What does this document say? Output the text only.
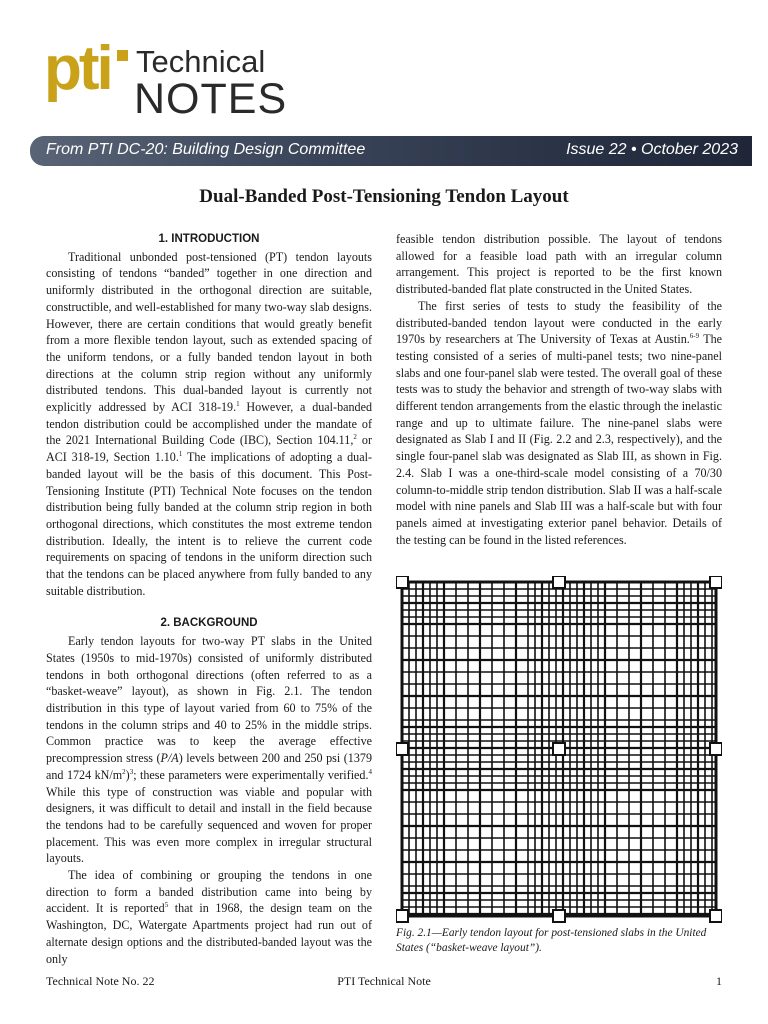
pti Technical
NOTES
From PTI DC-20: Building Design Committee	Issue 22 • October 2023
Dual-Banded Post-Tensioning Tendon Layout
1. INTRODUCTION

Traditional unbonded post-tensioned (PT) tendon layouts consisting of tendons “banded” together in one direction and uniformly distributed in the orthogonal direction are suitable, constructible, and well-established for many two-way slab designs. However, there are certain conditions that would greatly benefit from a more flexible tendon layout, such as extended spacing of the uniform tendons, or a fully banded tendon layout in both directions at the column strip region without any uniformly distributed tendons. This dual-banded layout is currently not explicitly addressed by ACI 318-19.$^1$ However, a dual-banded tendon distribution could be accomplished under the mandate of the 2021 International Building Code (IBC), Section 104.11,$^2$ or ACI 318-19, Section 1.10.$^1$ The implications of adopting a dual-banded layout will be the basis of this document. This Post-Tensioning Institute (PTI) Technical Note focuses on the tendon distribution being fully banded at the column strip region in both orthogonal directions, which constitutes the most extreme tendon distribution. Ideally, the intent is to relieve the current code requirements on spacing of tendons in the uniform direction such that the tendons can be placed anywhere from fully banded to any suitable distribution.

2. BACKGROUND

Early tendon layouts for two-way PT slabs in the United States (1950s to mid-1970s) consisted of uniformly distributed tendons in both orthogonal directions (often referred to as a “basket-weave” layout), as shown in Fig. 2.1. The tendon distribution in this type of layout varied from 60 to 75% of the tendons in the column strips and 40 to 25% in the middle strips. Common practice was to keep the average effective precompression stress (P/A) levels between 200 and 250 psi (1379 and 1724 $kN/m^2)^3$; these parameters were experimentally verified.$^4$ While this type of construction was viable and popular with designers, it was difficult to detail and install in the field because the tendons had to be carefully sequenced and woven for proper placement. This was even more complex in irregular structural layouts.

The idea of combining or grouping the tendons in one direction to form a banded distribution came into being by accident. It is reported$^5$ that in 1968, the design team on the Washington, DC, Watergate Apartments project had run out of alternate design options and the distributed-banded layout was the only

feasible tendon distribution possible. The layout of tendons allowed for a feasible load path with an irregular column arrangement. This project is reported to be the first known distributed-banded flat plate constructed in the United States.

The first series of tests to study the feasibility of the distributed-banded tendon layout were conducted in the early 1970s by researchers at The University of Texas at Austin.$^{6-9}$ The testing consisted of a series of multi-panel tests; two nine-panel slabs and one four-panel slab were tested. The overall goal of these tests was to study the behavior and strength of two-way slabs with different tendon arrangements from the elastic through the inelastic range and up to ultimate failure. The nine-panel slabs were designated as Slab I and II (Fig. 2.2 and 2.3, respectively), and the single four-panel slab was designated as Slab III, as shown in Fig. 2.4. Slab I was a one-third-scale model consisting of a 70/30 column-to-middle strip tendon distribution. Slab II was a half-scale model with nine panels and Slab III was a half-scale but with four panels aimed at investigating exterior panel behavior. Details of the testing can be found in the listed references.

Fig. 2.1—Early tendon layout for post-tensioned slabs in the United States (“basket-weave layout”).
Technical Note No. 22	PTI Technical Note	1
